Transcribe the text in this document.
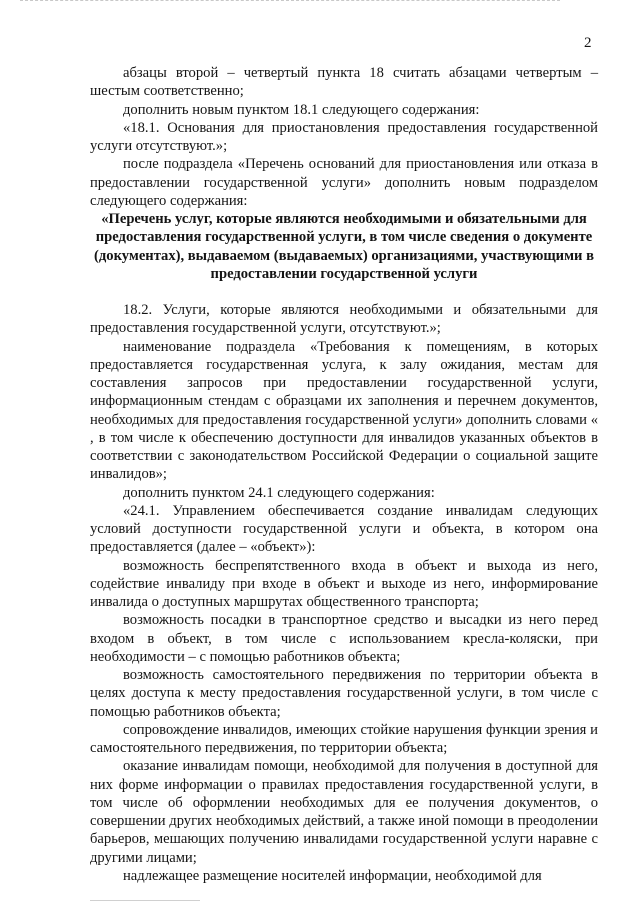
2

абзацы второй – четвертый пункта 18 считать абзацами четвертым – шестым соответственно;

дополнить новым пунктом 18.1 следующего содержания:

«18.1. Основания для приостановления предоставления государственной услуги отсутствуют.»;

после подраздела «Перечень оснований для приостановления или отказа в предоставлении государственной услуги» дополнить новым подразделом следующего содержания:

«Перечень услуг, которые являются необходимыми и обязательными для предоставления государственной услуги, в том числе сведения о документе (документах), выдаваемом (выдаваемых) организациями, участвующими в предоставлении государственной услуги

18.2. Услуги, которые являются необходимыми и обязательными для предоставления государственной услуги, отсутствуют.»;

наименование подраздела «Требования к помещениям, в которых предоставляется государственная услуга, к залу ожидания, местам для составления запросов при предоставлении государственной услуги, информационным стендам с образцами их заполнения и перечнем документов, необходимых для предоставления государственной услуги» дополнить словами « , в том числе к обеспечению доступности для инвалидов указанных объектов в соответствии с законодательством Российской Федерации о социальной защите инвалидов»;

дополнить пунктом 24.1 следующего содержания:

«24.1. Управлением обеспечивается создание инвалидам следующих условий доступности государственной услуги и объекта, в котором она предоставляется (далее – «объект»):

возможность беспрепятственного входа в объект и выхода из него, содействие инвалиду при входе в объект и выходе из него, информирование инвалида о доступных маршрутах общественного транспорта;

возможность посадки в транспортное средство и высадки из него перед входом в объект, в том числе с использованием кресла-коляски, при необходимости – с помощью работников объекта;

возможность самостоятельного передвижения по территории объекта в целях доступа к месту предоставления государственной услуги, в том числе с помощью работников объекта;

сопровождение инвалидов, имеющих стойкие нарушения функции зрения и самостоятельного передвижения, по территории объекта;

оказание инвалидам помощи, необходимой для получения в доступной для них форме информации о правилах предоставления государственной услуги, в том числе об оформлении необходимых для ее получения документов, о совершении других необходимых действий, а также иной помощи в преодолении барьеров, мешающих получению инвалидами государственной услуги наравне с другими лицами;

надлежащее размещение носителей информации, необходимой для
